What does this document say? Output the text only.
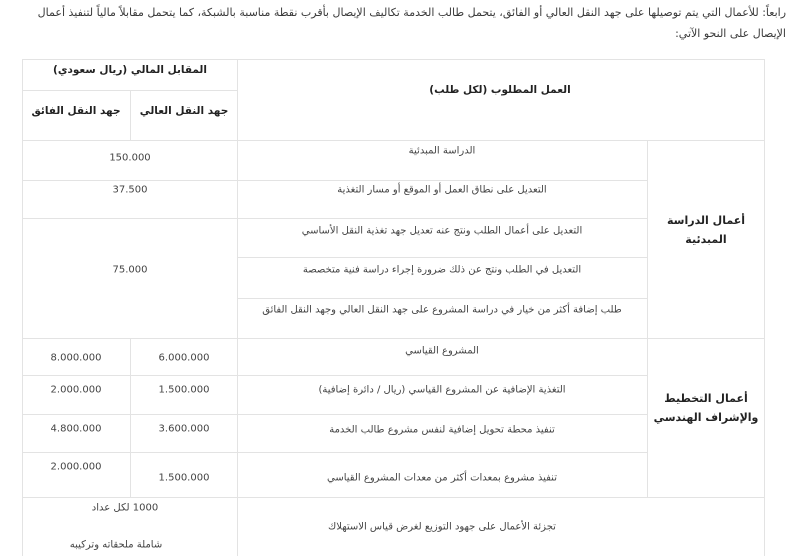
رابعاً: للأعمال التي يتم توصيلها على جهد النقل العالي أو الفائق، يتحمل طالب الخدمة تكاليف الإيصال بأقرب نقطة مناسبة بالشبكة، كما يتحمل مقابلاً مالياً لتنفيذ أعمال الإيصال على النحو الآتي:
العمل المطلوب (لكل طلب)
المقابل المالي (ريال سعودي)
جهد النقل العالي
جهد النقل الفائق
أعمال الدراسة المبدئية
أعمال التخطيط والإشراف الهندسي
الدراسة المبدئية
150.000
التعديل على نطاق العمل أو الموقع أو مسار التغذية
37.500
التعديل على أعمال الطلب ونتج عنه تعديل جهد تغذية النقل الأساسي
التعديل في الطلب ونتج عن ذلك ضرورة إجراء دراسة فنية متخصصة
طلب إضافة أكثر من خيار في دراسة المشروع على جهد النقل العالي وجهد النقل الفائق
75.000
المشروع القياسي
6.000.000
8.000.000
التغذية الإضافية عن المشروع القياسي (ريال / دائرة إضافية)
1.500.000
2.000.000
تنفيذ محطة تحويل إضافية لنفس مشروع طالب الخدمة
3.600.000
4.800.000
تنفيذ مشروع بمعدات أكثر من معدات المشروع القياسي
1.500.000
2.000.000
تجزئة الأعمال على جهود التوزيع لغرض قياس الاستهلاك
1000 لكل عداد
شاملة ملحقاته وتركيبه
